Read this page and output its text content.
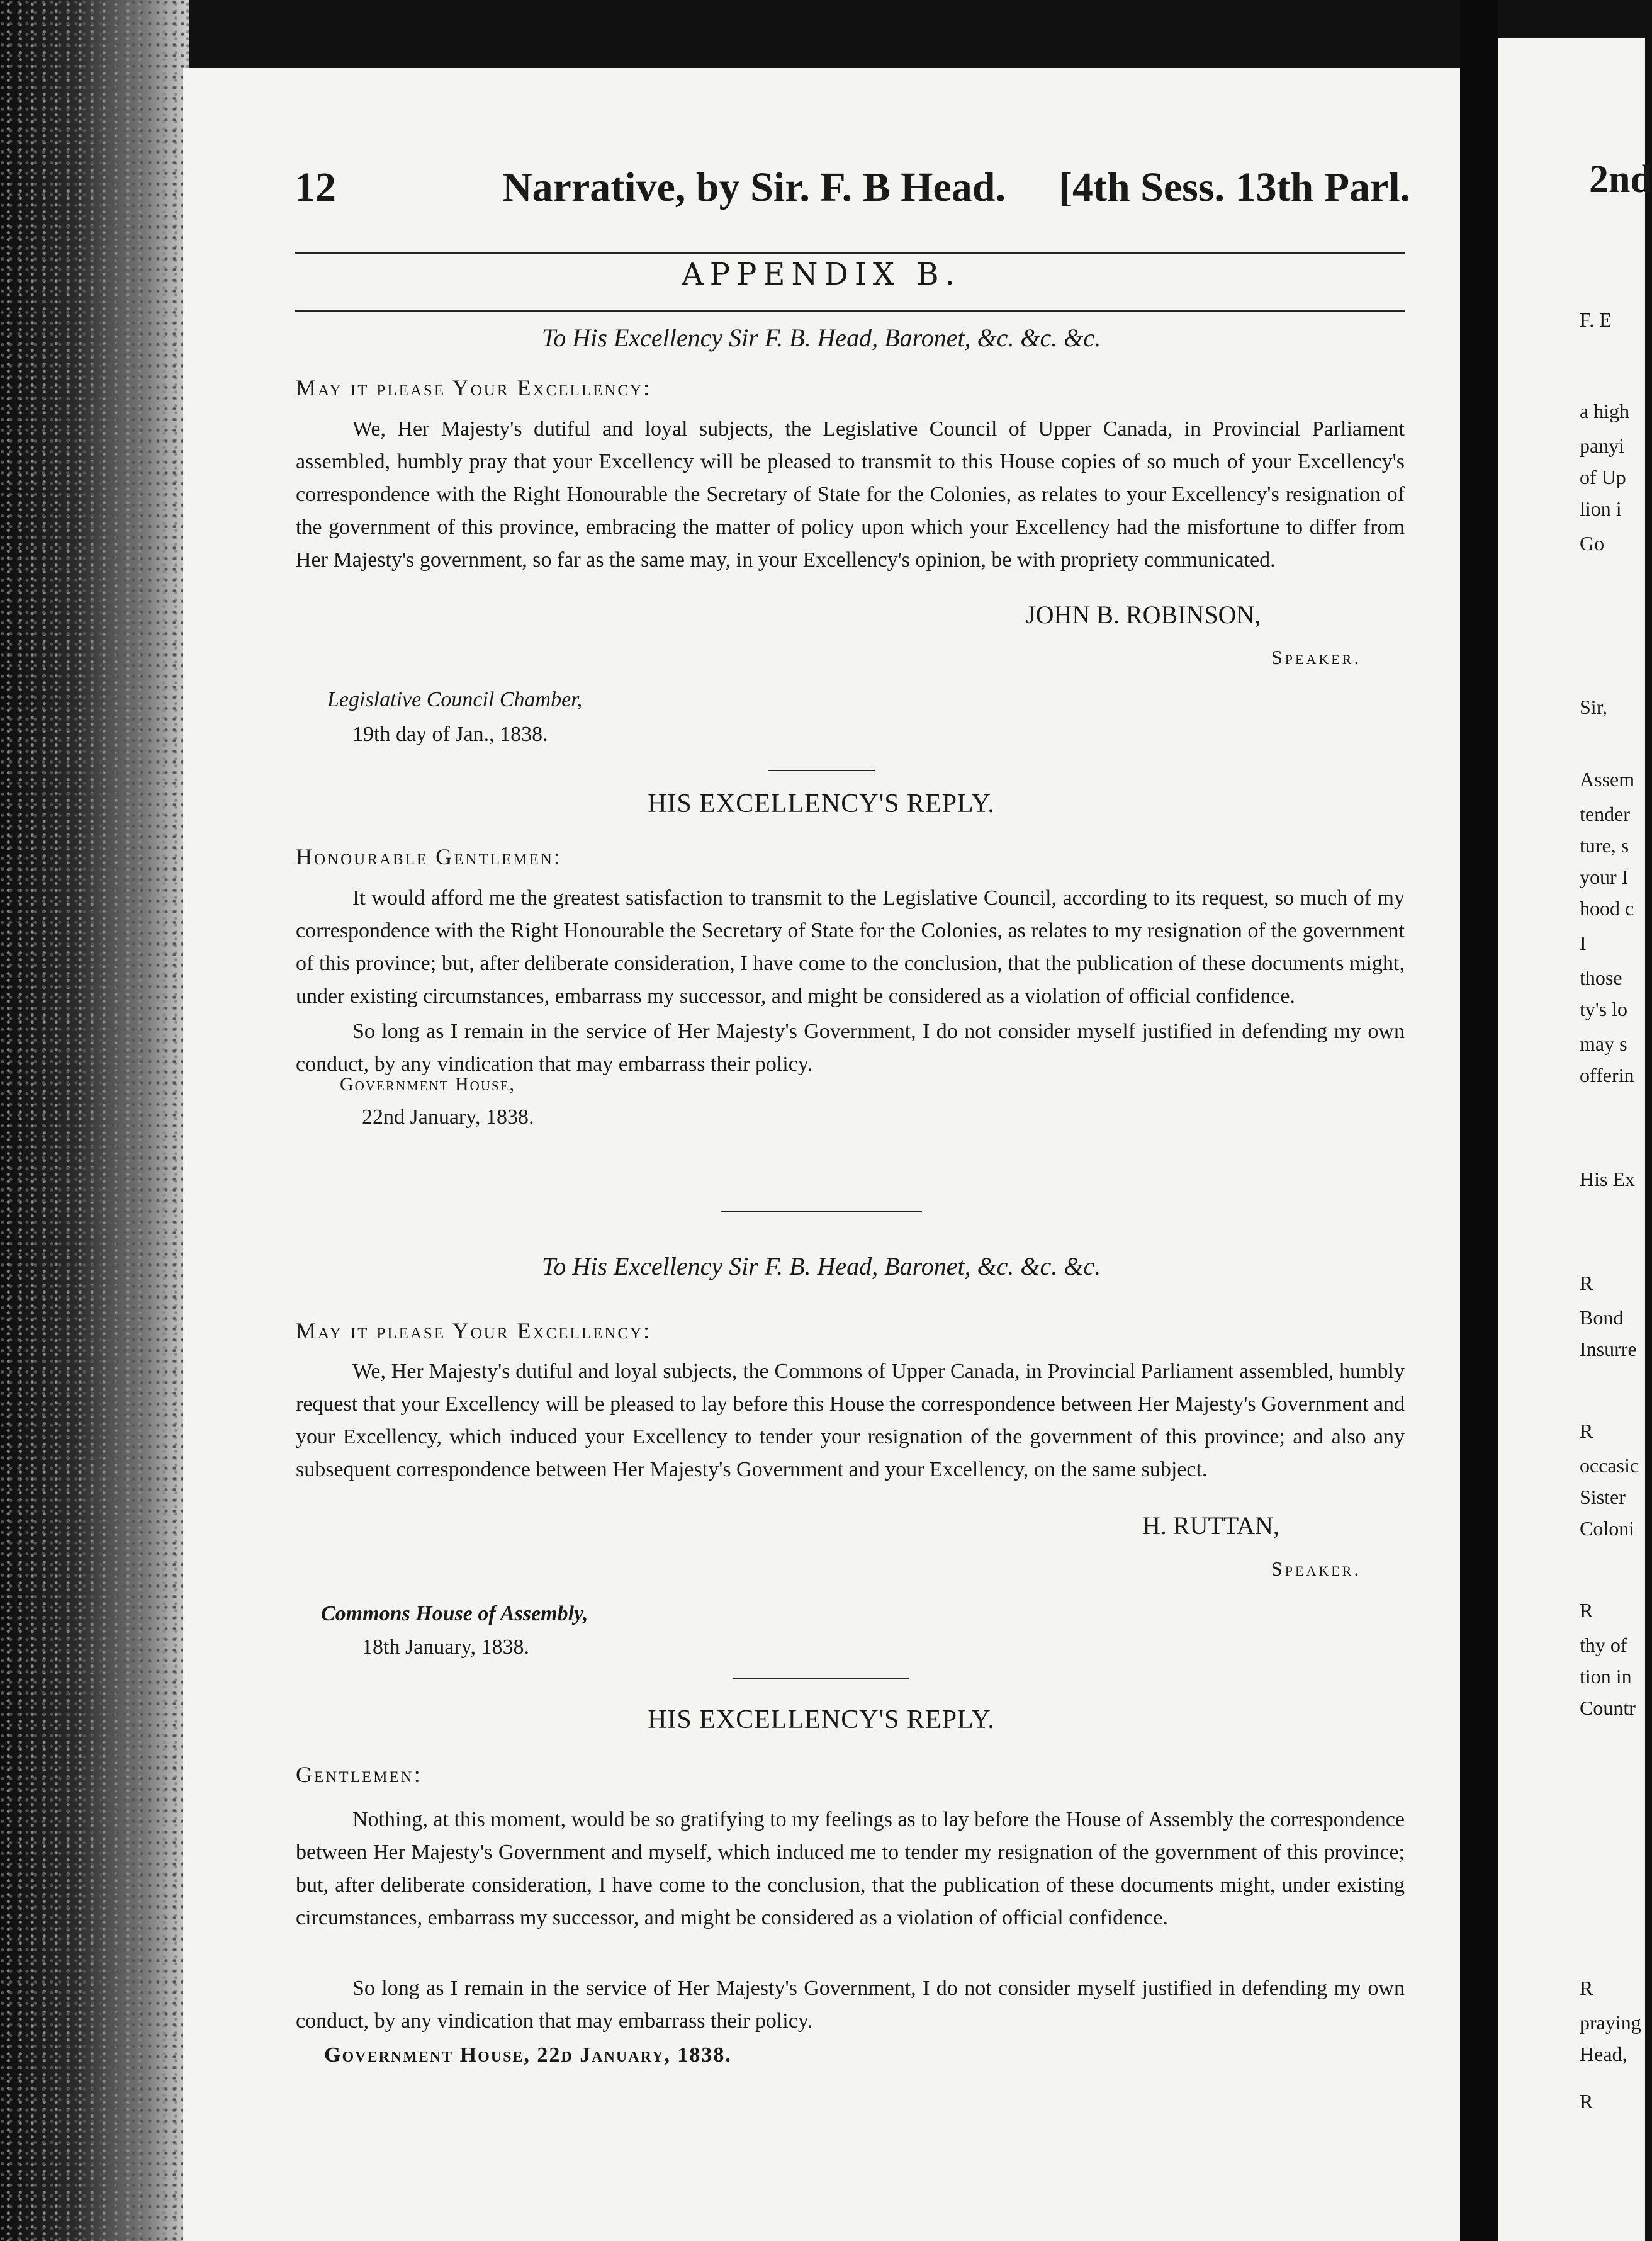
12	Narrative, by Sir. F. B Head. [4th Sess. 13th Parl.
APPENDIX B.
To His Excellency Sir F. B. Head, Baronet, &c. &c. &c.
May it please Your Excellency:
We, Her Majesty's dutiful and loyal subjects, the Legislative Council of Upper Canada, in Provincial Parliament assembled, humbly pray that your Excellency will be pleased to transmit to this House copies of so much of your Excellency's correspondence with the Right Honourable the Secretary of State for the Colonies, as relates to your Excellency's resignation of the government of this province, embracing the matter of policy upon which your Excellency had the misfortune to differ from Her Majesty's government, so far as the same may, in your Excellency's opinion, be with propriety communicated.
JOHN B. ROBINSON,
Speaker.
Legislative Council Chamber,
19th day of Jan., 1838.
HIS EXCELLENCY'S REPLY.
Honourable Gentlemen:
It would afford me the greatest satisfaction to transmit to the Legislative Council, according to its request, so much of my correspondence with the Right Honourable the Secretary of State for the Colonies, as relates to my resignation of the government of this province; but, after deliberate consideration, I have come to the conclusion, that the publication of these documents might, under existing circumstances, embarrass my successor, and might be considered as a violation of official confidence.
So long as I remain in the service of Her Majesty's Government, I do not consider myself justified in defending my own conduct, by any vindication that may embarrass their policy.
Government House,
22nd January, 1838.
To His Excellency Sir F. B. Head, Baronet, &c. &c. &c.
May it please Your Excellency:
We, Her Majesty's dutiful and loyal subjects, the Commons of Upper Canada, in Provincial Parliament assembled, humbly request that your Excellency will be pleased to lay before this House the correspondence between Her Majesty's Government and your Excellency, which induced your Excellency to tender your resignation of the government of this province; and also any subsequent correspondence between Her Majesty's Government and your Excellency, on the same subject.
H. RUTTAN,
Speaker.
Commons House of Assembly,
18th January, 1838.
HIS EXCELLENCY'S REPLY.
Gentlemen:
Nothing, at this moment, would be so gratifying to my feelings as to lay before the House of Assembly the correspondence between Her Majesty's Government and myself, which induced me to tender my resignation of the government of this province; but, after deliberate consideration, I have come to the conclusion, that the publication of these documents might, under existing circumstances, embarrass my successor, and might be considered as a violation of official confidence.
So long as I remain in the service of Her Majesty's Government, I do not consider myself justified in defending my own conduct, by any vindication that may embarrass their policy.
Government House, 22d January, 1838.
2nd
F. E
a high
panyi
of Up
lion i
Go
Sir,
Assem
tender
ture, s
your I
hood c
I
those
ty's lo
may s
offerin
His Ex
R
Bond
Insurre
R
occasic
Sister
Coloni
R
thy of
tion in
Countr
R
praying
Head,
R
